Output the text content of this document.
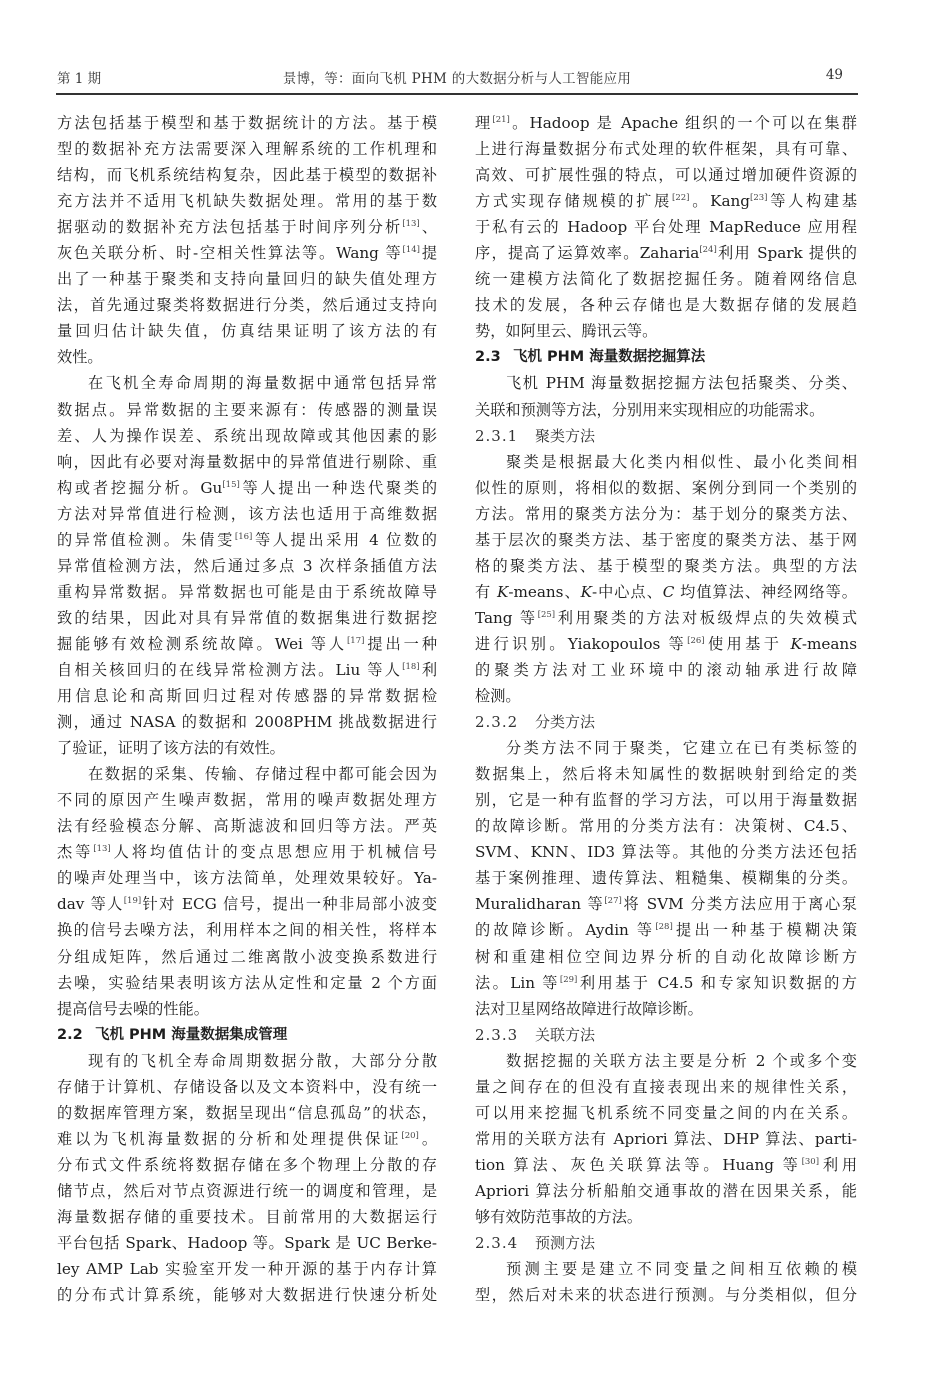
第 1 期	景博，等：面向飞机 PHM 的大数据分析与人工智能应用	49
方法包括基于模型和基于数据统计的方法。基于模
型的数据补充方法需要深入理解系统的工作机理和
结构，而飞机系统结构复杂，因此基于模型的数据补
充方法并不适用飞机缺失数据处理。常用的基于数
据驱动的数据补充方法包括基于时间序列分析[13]、
灰色关联分析、时-空相关性算法等。Wang 等[14]提
出了一种基于聚类和支持向量回归的缺失值处理方
法，首先通过聚类将数据进行分类，然后通过支持向
量回归估计缺失值，仿真结果证明了该方法的有
效性。
在飞机全寿命周期的海量数据中通常包括异常
数据点。异常数据的主要来源有：传感器的测量误
差、人为操作误差、系统出现故障或其他因素的影
响，因此有必要对海量数据中的异常值进行剔除、重
构或者挖掘分析。Gu[15]等人提出一种迭代聚类的
方法对异常值进行检测，该方法也适用于高维数据
的异常值检测。朱倩雯[16]等人提出采用 4 位数的
异常值检测方法，然后通过多点 3 次样条插值方法
重构异常数据。异常数据也可能是由于系统故障导
致的结果，因此对具有异常值的数据集进行数据挖
掘能够有效检测系统故障。Wei 等人[17]提出一种
自相关核回归的在线异常检测方法。Liu 等人[18]利
用信息论和高斯回归过程对传感器的异常数据检
测，通过 NASA 的数据和 2008PHM 挑战数据进行
了验证，证明了该方法的有效性。
在数据的采集、传输、存储过程中都可能会因为
不同的原因产生噪声数据，常用的噪声数据处理方
法有经验模态分解、高斯滤波和回归等方法。严英
杰等[13]人将均值估计的变点思想应用于机械信号
的噪声处理当中，该方法简单，处理效果较好。Ya-
dav 等人[19]针对 ECG 信号，提出一种非局部小波变
换的信号去噪方法，利用样本之间的相关性，将样本
分组成矩阵，然后通过二维离散小波变换系数进行
去噪，实验结果表明该方法从定性和定量 2 个方面
提高信号去噪的性能。
2.2 飞机 PHM 海量数据集成管理
现有的飞机全寿命周期数据分散，大部分分散
存储于计算机、存储设备以及文本资料中，没有统一
的数据库管理方案，数据呈现出“信息孤岛”的状态，
难以为飞机海量数据的分析和处理提供保证[20]。
分布式文件系统将数据存储在多个物理上分散的存
储节点，然后对节点资源进行统一的调度和管理，是
海量数据存储的重要技术。目前常用的大数据运行
平台包括 Spark、Hadoop 等。Spark 是 UC Berke-
ley AMP Lab 实验室开发一种开源的基于内存计算
的分布式计算系统，能够对大数据进行快速分析处
理[21]。Hadoop 是 Apache 组织的一个可以在集群
上进行海量数据分布式处理的软件框架，具有可靠、
高效、可扩展性强的特点，可以通过增加硬件资源的
方式实现存储规模的扩展[22]。Kang[23]等人构建基
于私有云的 Hadoop 平台处理 MapReduce 应用程
序，提高了运算效率。Zaharia[24]利用 Spark 提供的
统一建模方法简化了数据挖掘任务。随着网络信息
技术的发展，各种云存储也是大数据存储的发展趋
势，如阿里云、腾讯云等。
2.3 飞机 PHM 海量数据挖掘算法
飞机 PHM 海量数据挖掘方法包括聚类、分类、
关联和预测等方法，分别用来实现相应的功能需求。
2.3.1 聚类方法
聚类是根据最大化类内相似性、最小化类间相
似性的原则，将相似的数据、案例分到同一个类别的
方法。常用的聚类方法分为：基于划分的聚类方法、
基于层次的聚类方法、基于密度的聚类方法、基于网
格的聚类方法、基于模型的聚类方法。典型的方法
有 K-means、K-中心点、C 均值算法、神经网络等。
Tang 等[25]利用聚类的方法对板级焊点的失效模式
进行识别。Yiakopoulos 等[26]使用基于 K-means
的聚类方法对工业环境中的滚动轴承进行故障
检测。
2.3.2 分类方法
分类方法不同于聚类，它建立在已有类标签的
数据集上，然后将未知属性的数据映射到给定的类
别，它是一种有监督的学习方法，可以用于海量数据
的故障诊断。常用的分类方法有：决策树、C4.5、
SVM、KNN、ID3 算法等。其他的分类方法还包括
基于案例推理、遗传算法、粗糙集、模糊集的分类。
Muralidharan 等[27]将 SVM 分类方法应用于离心泵
的故障诊断。Aydin 等[28]提出一种基于模糊决策
树和重建相位空间边界分析的自动化故障诊断方
法。Lin 等[29]利用基于 C4.5 和专家知识数据的方
法对卫星网络故障进行故障诊断。
2.3.3 关联方法
数据挖掘的关联方法主要是分析 2 个或多个变
量之间存在的但没有直接表现出来的规律性关系，
可以用来挖掘飞机系统不同变量之间的内在关系。
常用的关联方法有 Apriori 算法、DHP 算法、parti-
tion 算法、灰色关联算法等。Huang 等[30]利用
Apriori 算法分析船舶交通事故的潜在因果关系，能
够有效防范事故的方法。
2.3.4 预测方法
预测主要是建立不同变量之间相互依赖的模
型，然后对未来的状态进行预测。与分类相似，但分
